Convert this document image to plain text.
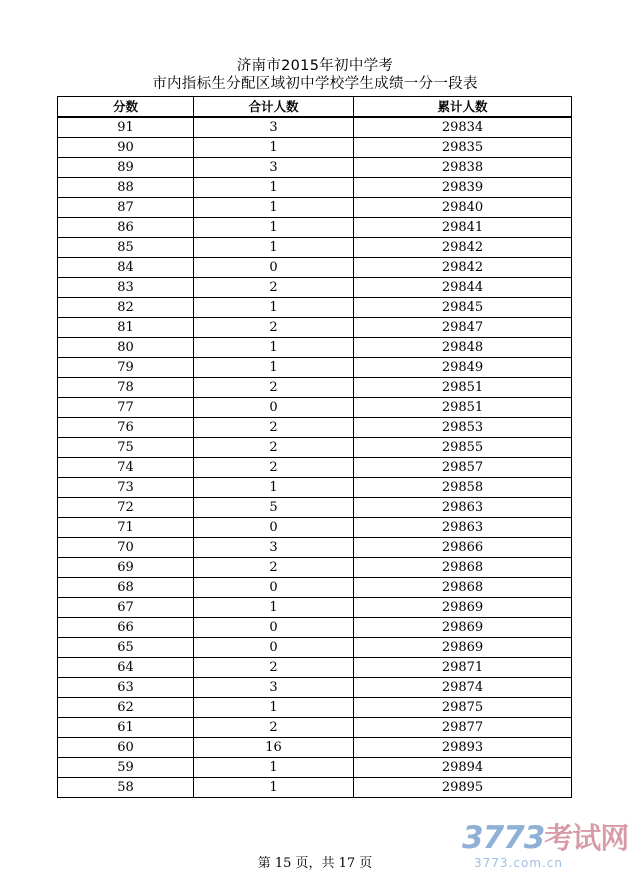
济南市2015年初中学考
市内指标生分配区域初中学校学生成绩一分一段表
分数	合计人数	累计人数
91	3	29834
90	1	29835
89	3	29838
88	1	29839
87	1	29840
86	1	29841
85	1	29842
84	0	29842
83	2	29844
82	1	29845
81	2	29847
80	1	29848
79	1	29849
78	2	29851
77	0	29851
76	2	29853
75	2	29855
74	2	29857
73	1	29858
72	5	29863
71	0	29863
70	3	29866
69	2	29868
68	0	29868
67	1	29869
66	0	29869
65	0	29869
64	2	29871
63	3	29874
62	1	29875
61	2	29877
60	16	29893
59	1	29894
58	1	29895
第 15 页，共 17 页
3773考试网
3773.com.cn
